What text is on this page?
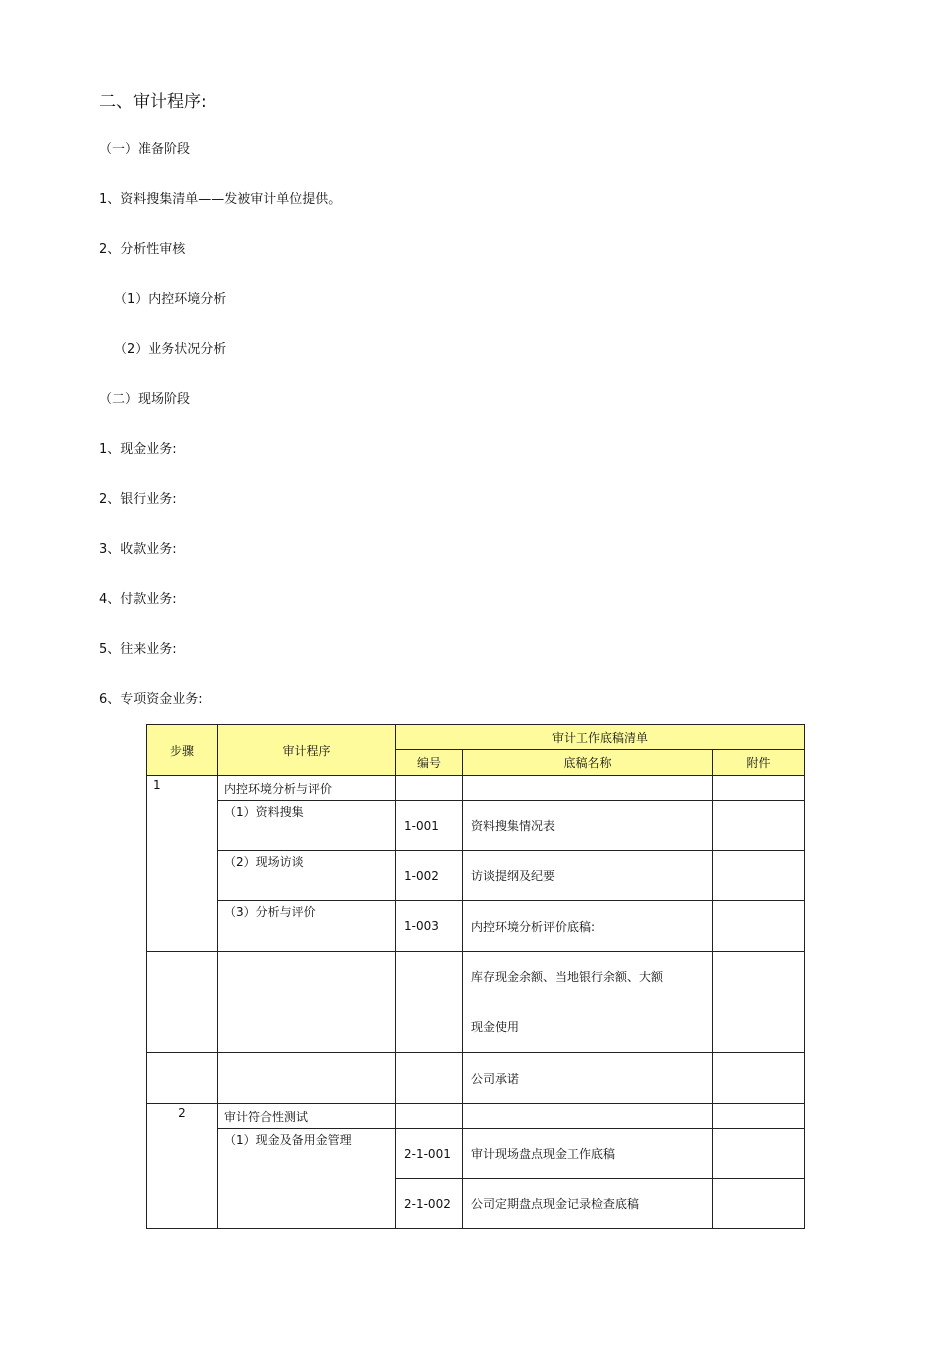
二、审计程序:
（一）准备阶段
1、资料搜集清单——发被审计单位提供。
2、分析性审核
（1）内控环境分析
（2）业务状况分析
（二）现场阶段
1、现金业务:
2、银行业务:
3、收款业务:
4、付款业务:
5、往来业务:
6、专项资金业务:
步骤	审计程序	审计工作底稿清单		
		编号	底稿名称	附件
1	内控环境分析与评价			
	（1）资料搜集	1-001	资料搜集情况表	
	（2）现场访谈	1-002	访谈提纲及纪要	
	（3）分析与评价	1-003	内控环境分析评价底稿:	

			库存现金余额、当地银行余额、大额
现金使用	

			公司承诺	
2	审计符合性测试			
	（1）现金及备用金管理	2-1-001	审计现场盘点现金工作底稿	
		2-1-002	公司定期盘点现金记录检查底稿	
